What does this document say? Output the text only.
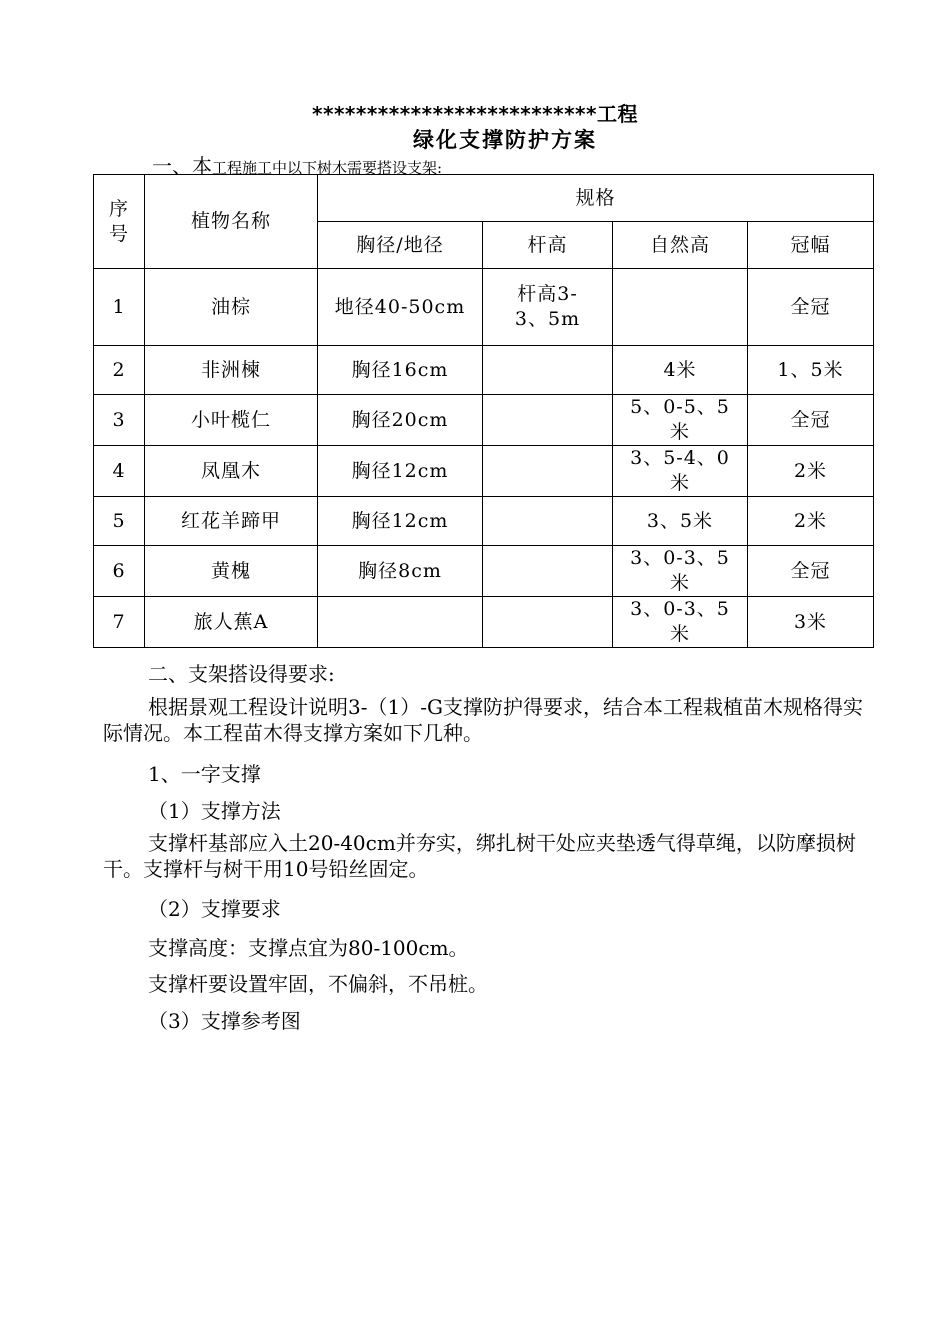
**************************工程
绿化支撑防护方案
一、本工程施工中以下树木需要搭设支架:
序号	植物名称	规格			
		胸径/地径	杆高	自然高	冠幅
1	油棕	地径40-50cm	杆高3-3、5m		全冠
2	非洲楝	胸径16cm		4米	1、5米
3	小叶榄仁	胸径20cm		5、0-5、5米	全冠
4	凤凰木	胸径12cm		3、5-4、0米	2米
5	红花羊蹄甲	胸径12cm		3、5米	2米
6	黄槐	胸径8cm		3、0-3、5米	全冠
7	旅人蕉A			3、0-3、5米	3米
二、支架搭设得要求:
根据景观工程设计说明3-（1）-G支撑防护得要求，结合本工程栽植苗木规格得实际情况。本工程苗木得支撑方案如下几种。
1、一字支撑
（1）支撑方法
支撑杆基部应入土20-40cm并夯实，绑扎树干处应夹垫透气得草绳，以防摩损树干。支撑杆与树干用10号铅丝固定。
（2）支撑要求
支撑高度：支撑点宜为80-100cm。
支撑杆要设置牢固，不偏斜，不吊桩。
（3）支撑参考图
